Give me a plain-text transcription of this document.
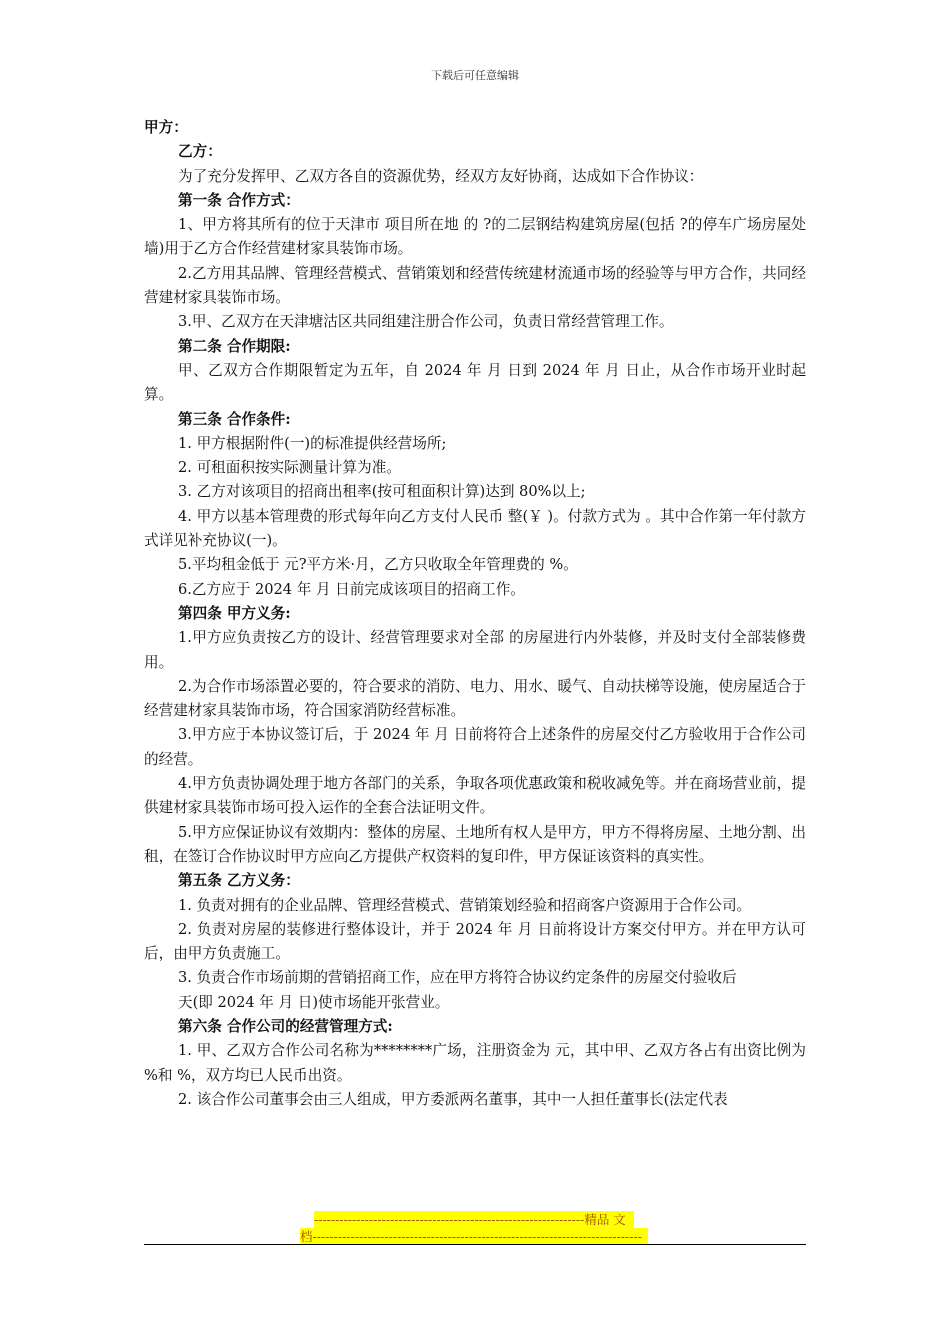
下载后可任意编辑

甲方：

乙方：

为了充分发挥甲、乙双方各自的资源优势，经双方友好协商，达成如下合作协议：

第一条 合作方式：

1、甲方将其所有的位于天津市 项目所在地 的 ?的二层钢结构建筑房屋(包括 ?的停车广场房屋处墙)用于乙方合作经营建材家具装饰市场。

2.乙方用其品牌、管理经营模式、营销策划和经营传统建材流通市场的经验等与甲方合作，共同经营建材家具装饰市场。

3.甲、乙双方在天津塘沽区共同组建注册合作公司，负责日常经营管理工作。

第二条 合作期限:

甲、乙双方合作期限暂定为五年，自 2024 年 月 日到 2024 年 月 日止，从合作市场开业时起算。

第三条 合作条件:

1. 甲方根据附件(一)的标准提供经营场所;

2. 可租面积按实际测量计算为准。

3. 乙方对该项目的招商出租率(按可租面积计算)达到 80%以上;

4. 甲方以基本管理费的形式每年向乙方支付人民币 整(￥ )。付款方式为 。其中合作第一年付款方式详见补充协议(一)。

5.平均租金低于 元?平方米·月，乙方只收取全年管理费的 %。

6.乙方应于 2024 年 月 日前完成该项目的招商工作。

第四条 甲方义务:

1.甲方应负责按乙方的设计、经营管理要求对全部 的房屋进行内外装修，并及时支付全部装修费用。

2.为合作市场添置必要的，符合要求的消防、电力、用水、暖气、自动扶梯等设施，使房屋适合于经营建材家具装饰市场，符合国家消防经营标准。

3.甲方应于本协议签订后，于 2024 年 月 日前将符合上述条件的房屋交付乙方验收用于合作公司的经营。

4.甲方负责协调处理于地方各部门的关系，争取各项优惠政策和税收减免等。并在商场营业前，提供建材家具装饰市场可投入运作的全套合法证明文件。

5.甲方应保证协议有效期内：整体的房屋、土地所有权人是甲方，甲方不得将房屋、土地分割、出租，在签订合作协议时甲方应向乙方提供产权资料的复印件，甲方保证该资料的真实性。

第五条 乙方义务：

1. 负责对拥有的企业品牌、管理经营模式、营销策划经验和招商客户资源用于合作公司。

2. 负责对房屋的装修进行整体设计，并于 2024 年 月 日前将设计方案交付甲方。并在甲方认可后，由甲方负责施工。

3. 负责合作市场前期的营销招商工作，应在甲方将符合协议约定条件的房屋交付验收后

天(即 2024 年 月 日)使市场能开张营业。

第六条 合作公司的经营管理方式:

1. 甲、乙双方合作公司名称为********广场，注册资金为 元，其中甲、乙双方各占有出资比例为 %和 %，双方均已人民币出资。

2. 该合作公司董事会由三人组成，甲方委派两名董事，其中一人担任董事长(法定代表

----------------------------------------------------------------精品 文
档------------------------------------------------------------------------------
